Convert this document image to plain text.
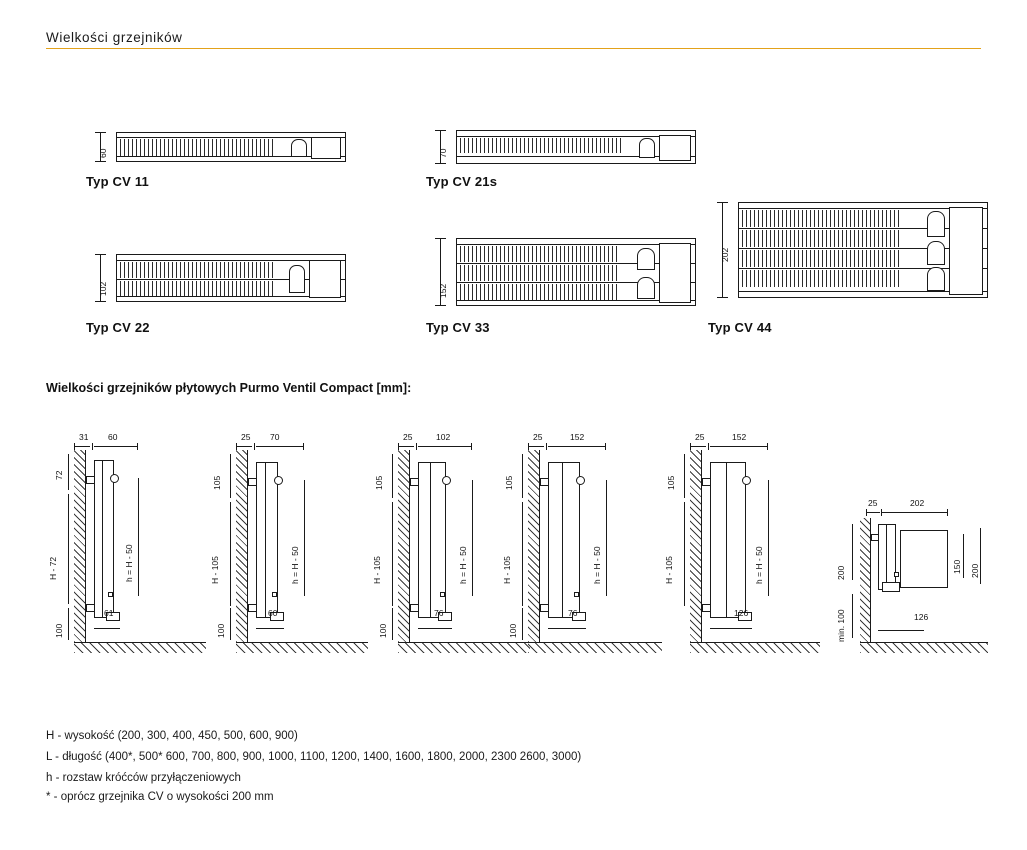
Wielkości grzejników
60
Typ CV 11
70
Typ CV 21s
102
Typ CV 22
152
Typ CV 33
202
Typ CV 44
Wielkości grzejników płytowych Purmo Ventil Compact [mm]:
31 60
72
H - 72
100
h = H - 50
61
25 70
105
H - 105
100
h = H - 50
60
25	102
105
H - 105
100
h = H - 50
76
25	152
105
H - 105
100
h = H - 50
76
25	152
105
H - 105	h = H - 50
126
25	202
200
min. 100
150 200
126
H - wysokość (200, 300, 400, 450, 500, 600, 900)
L - długość (400*, 500* 600, 700, 800, 900, 1000, 1100, 1200, 1400, 1600, 1800, 2000, 2300 2600, 3000)
h - rozstaw króćców przyłączeniowych
* - oprócz grzejnika CV o wysokości 200 mm
